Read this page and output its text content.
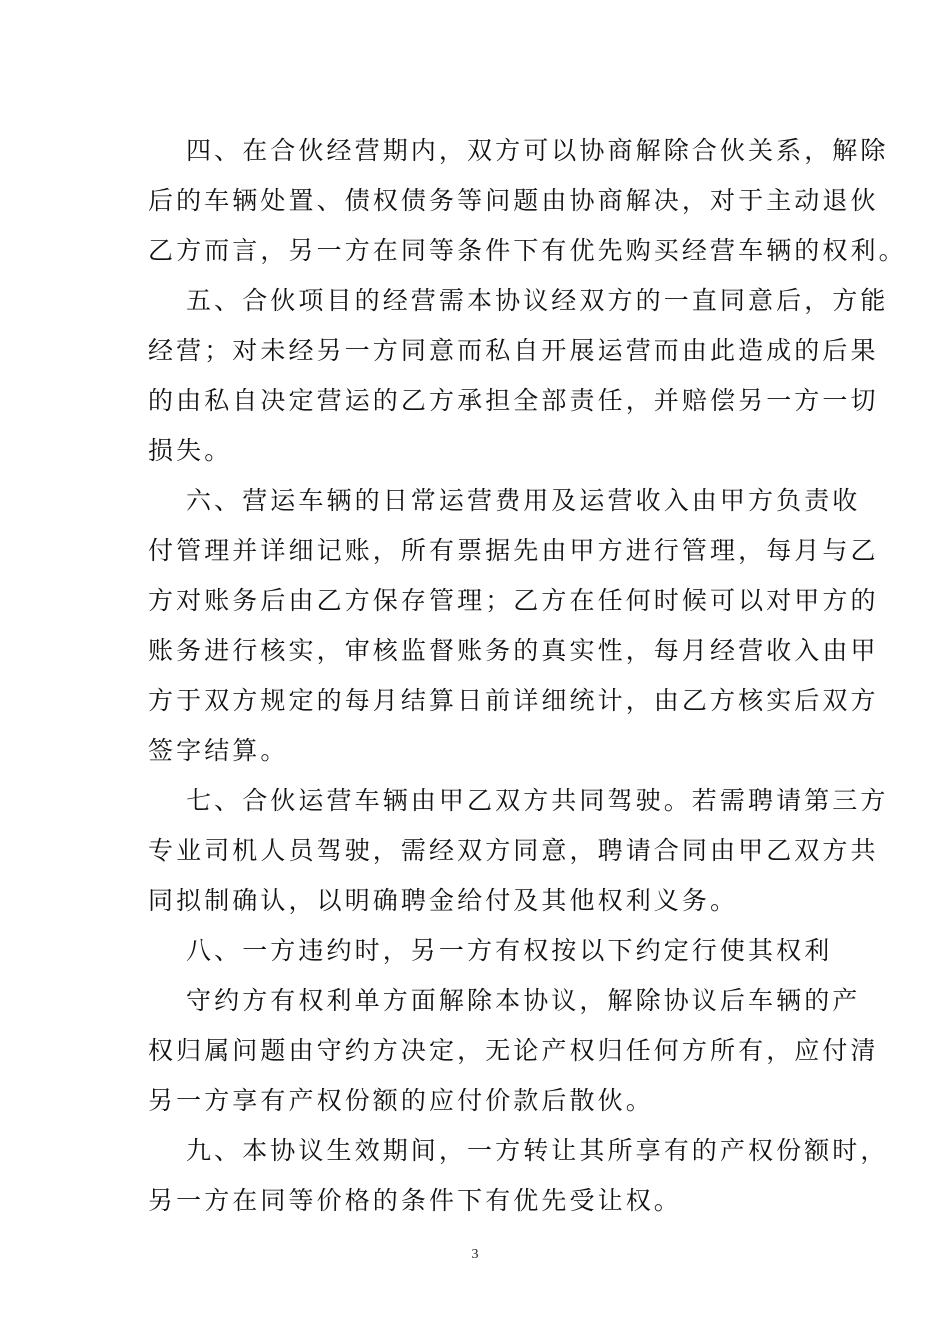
四、在合伙经营期内，双方可以协商解除合伙关系，解除
后的车辆处置、债权债务等问题由协商解决，对于主动退伙
乙方而言，另一方在同等条件下有优先购买经营车辆的权利。
五、合伙项目的经营需本协议经双方的一直同意后，方能
经营；对未经另一方同意而私自开展运营而由此造成的后果
的由私自决定营运的乙方承担全部责任，并赔偿另一方一切
损失。
六、营运车辆的日常运营费用及运营收入由甲方负责收
付管理并详细记账，所有票据先由甲方进行管理，每月与乙
方对账务后由乙方保存管理；乙方在任何时候可以对甲方的
账务进行核实，审核监督账务的真实性，每月经营收入由甲
方于双方规定的每月结算日前详细统计，由乙方核实后双方
签字结算。
七、合伙运营车辆由甲乙双方共同驾驶。若需聘请第三方
专业司机人员驾驶，需经双方同意，聘请合同由甲乙双方共
同拟制确认，以明确聘金给付及其他权利义务。
八、一方违约时，另一方有权按以下约定行使其权利
守约方有权利单方面解除本协议，解除协议后车辆的产
权归属问题由守约方决定，无论产权归任何方所有，应付清
另一方享有产权份额的应付价款后散伙。
九、本协议生效期间，一方转让其所享有的产权份额时，
另一方在同等价格的条件下有优先受让权。
3
